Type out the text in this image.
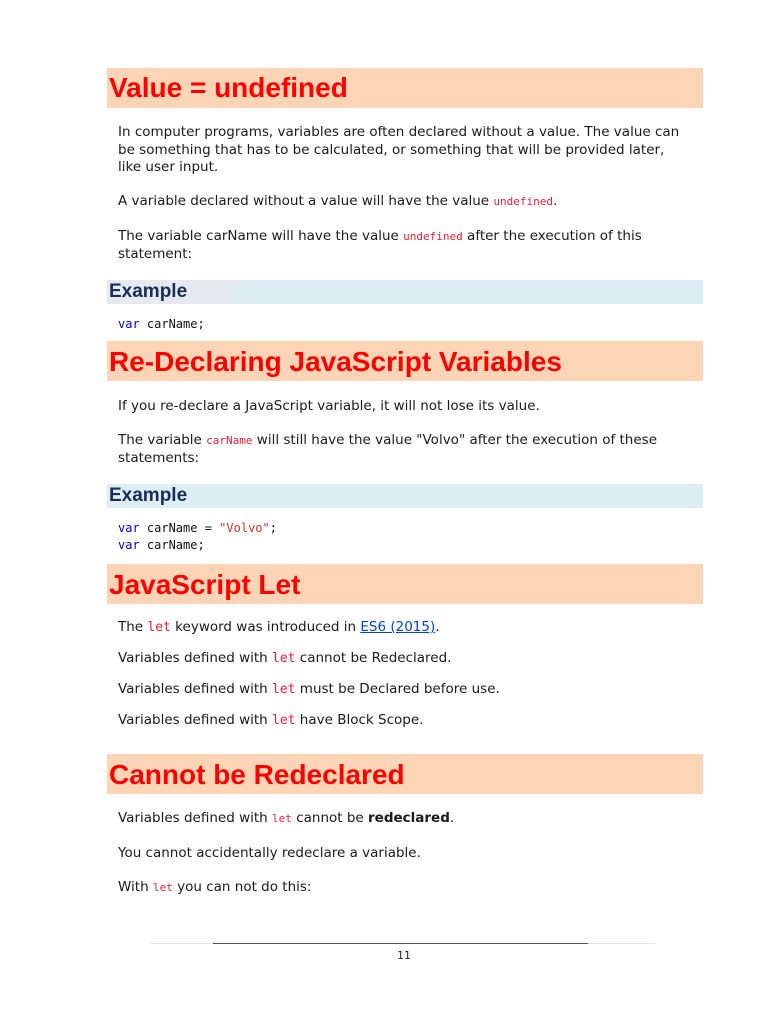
Value = undefined

In computer programs, variables are often declared without a value. The value can be something that has to be calculated, or something that will be provided later, like user input.

A variable declared without a value will have the value undefined.

The variable carName will have the value undefined after the execution of this statement:

Example
var carName;
Re-Declaring JavaScript Variables

If you re-declare a JavaScript variable, it will not lose its value.

The variable carName will still have the value "Volvo" after the execution of these statements:

Example
var carName = "Volvo";
var carName;
JavaScript Let

The let keyword was introduced in ES6 (2015).

Variables defined with let cannot be Redeclared.

Variables defined with let must be Declared before use.

Variables defined with let have Block Scope.

Cannot be Redeclared

Variables defined with let cannot be redeclared.

You cannot accidentally redeclare a variable.

With let you can not do this:

11
